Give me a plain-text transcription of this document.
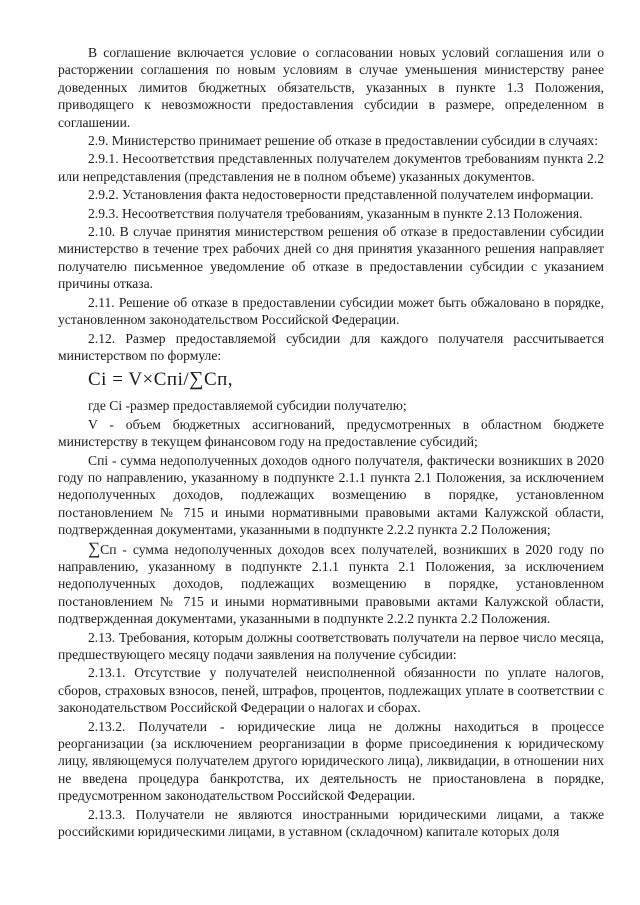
В соглашение включается условие о согласовании новых условий соглашения или о расторжении соглашения по новым условиям в случае уменьшения министерству ранее доведенных лимитов бюджетных обязательств, указанных в пункте 1.3 Положения, приводящего к невозможности предоставления субсидии в размере, определенном в соглашении.

2.9. Министерство принимает решение об отказе в предоставлении субсидии в случаях:

2.9.1. Несоответствия представленных получателем документов требованиям пункта 2.2 или непредставления (представления не в полном объеме) указанных документов.

2.9.2. Установления факта недостоверности представленной получателем информации.

2.9.3. Несоответствия получателя требованиям, указанным в пункте 2.13 Положения.

2.10. В случае принятия министерством решения об отказе в предоставлении субсидии министерство в течение трех рабочих дней со дня принятия указанного решения направляет получателю письменное уведомление об отказе в предоставлении субсидии с указанием причины отказа.

2.11. Решение об отказе в предоставлении субсидии может быть обжаловано в порядке, установленном законодательством Российской Федерации.

2.12. Размер предоставляемой субсидии для каждого получателя рассчитывается министерством по формуле:

Ci = V×Cпi/∑Cп,

где Ci -размер предоставляемой субсидии получателю;

V - объем бюджетных ассигнований, предусмотренных в областном бюджете министерству в текущем финансовом году на предоставление субсидий;

Спi - сумма недополученных доходов одного получателя, фактически возникших в 2020 году по направлению, указанному в подпункте 2.1.1 пункта 2.1 Положения, за исключением недополученных доходов, подлежащих возмещению в порядке, установленном постановлением № 715 и иными нормативными правовыми актами Калужской области, подтвержденная документами, указанными в подпункте 2.2.2 пункта 2.2 Положения;

∑Сп - сумма недополученных доходов всех получателей, возникших в 2020 году по направлению, указанному в подпункте 2.1.1 пункта 2.1 Положения, за исключением недополученных доходов, подлежащих возмещению в порядке, установленном постановлением № 715 и иными нормативными правовыми актами Калужской области, подтвержденная документами, указанными в подпункте 2.2.2 пункта 2.2 Положения.

2.13. Требования, которым должны соответствовать получатели на первое число месяца, предшествующего месяцу подачи заявления на получение субсидии:

2.13.1. Отсутствие у получателей неисполненной обязанности по уплате налогов, сборов, страховых взносов, пеней, штрафов, процентов, подлежащих уплате в соответствии с законодательством Российской Федерации о налогах и сборах.

2.13.2. Получатели - юридические лица не должны находиться в процессе реорганизации (за исключением реорганизации в форме присоединения к юридическому лицу, являющемуся получателем другого юридического лица), ликвидации, в отношении них не введена процедура банкротства, их деятельность не приостановлена в порядке, предусмотренном законодательством Российской Федерации.

2.13.3. Получатели не являются иностранными юридическими лицами, а также российскими юридическими лицами, в уставном (складочном) капитале которых доля
